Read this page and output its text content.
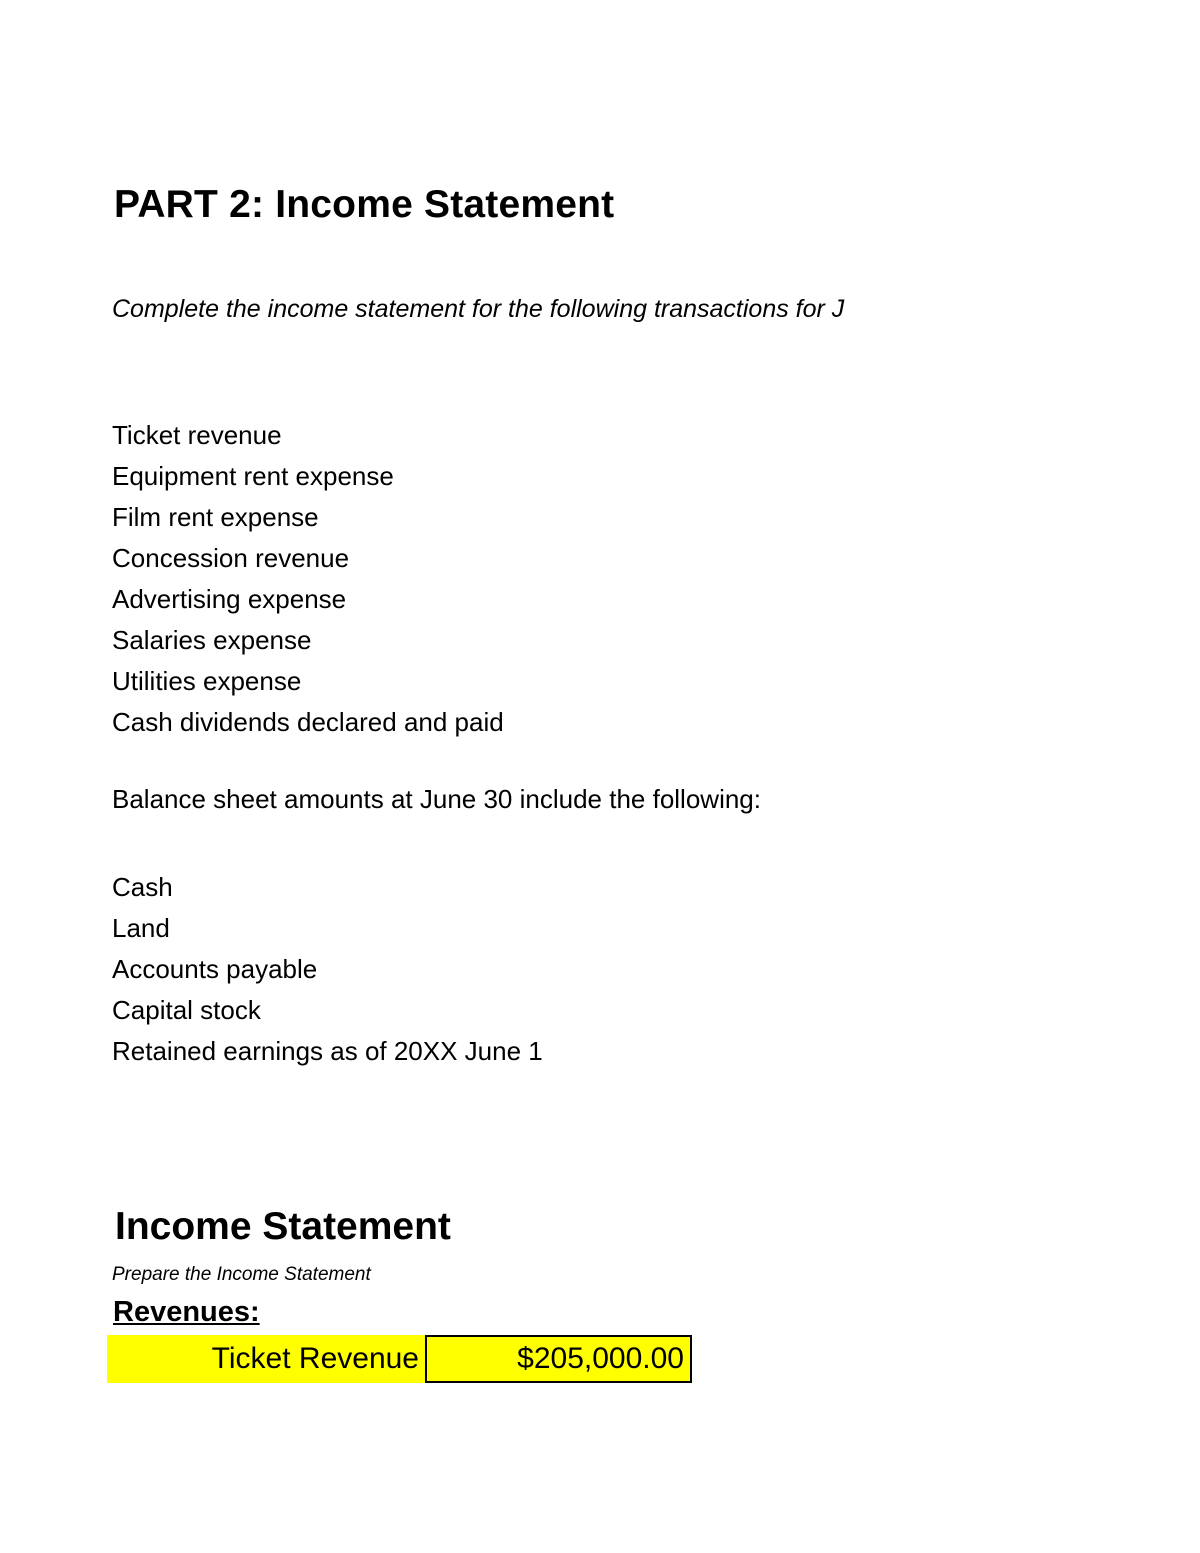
PART 2: Income Statement

Complete the income statement for the following transactions for J

Ticket revenue
Equipment rent expense
Film rent expense
Concession revenue
Advertising expense
Salaries expense
Utilities expense
Cash dividends declared and paid

Balance sheet amounts at June 30 include the following:

Cash
Land
Accounts payable
Capital stock
Retained earnings as of 20XX June 1
Income Statement

Prepare the Income Statement

Revenues:

Ticket Revenue	$205,000.00
